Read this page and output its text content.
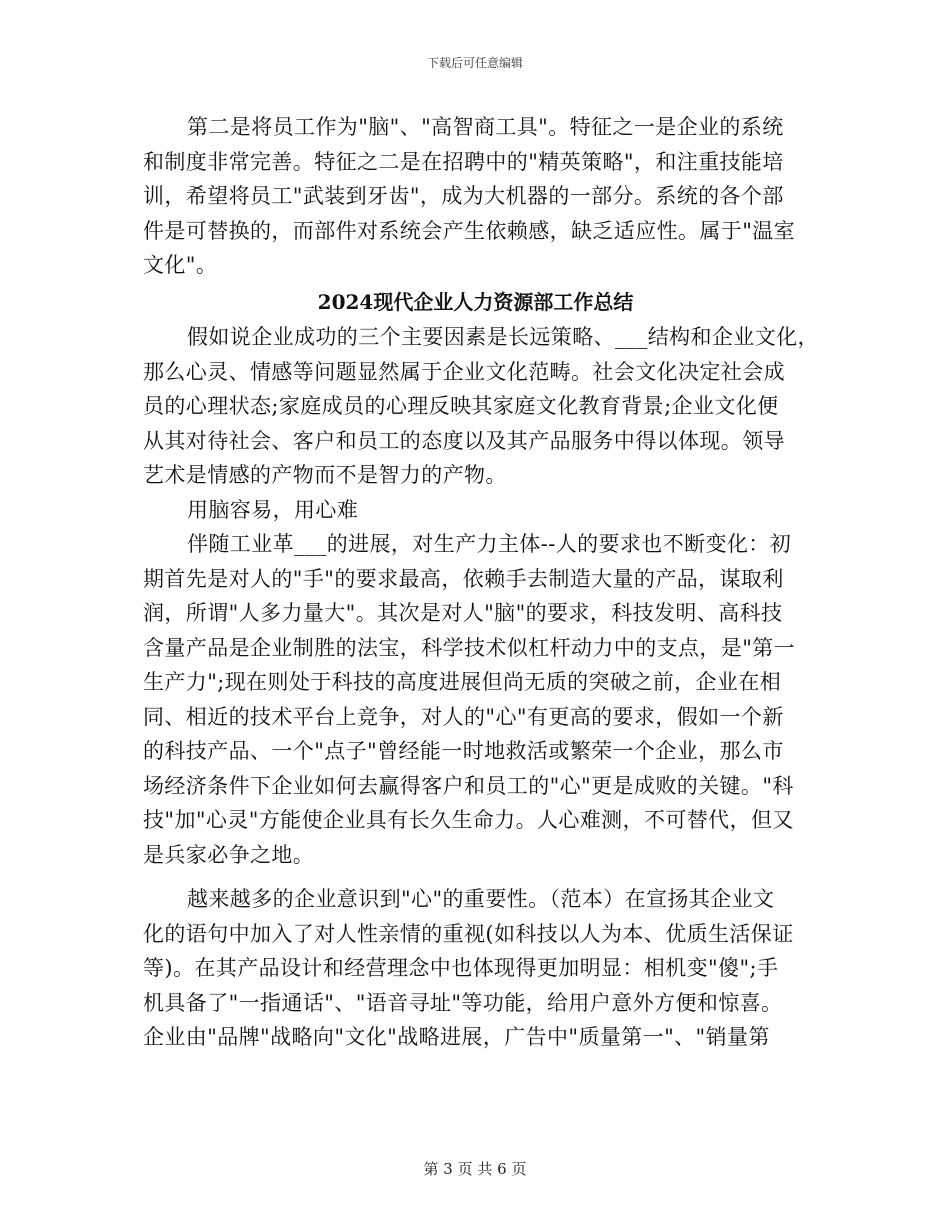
下载后可任意编辑
第二是将员工作为"脑"、"高智商工具"。特征之一是企业的系统
和制度非常完善。特征之二是在招聘中的"精英策略"，和注重技能培
训，希望将员工"武装到牙齿"，成为大机器的一部分。系统的各个部
件是可替换的，而部件对系统会产生依赖感，缺乏适应性。属于"温室
文化"。
2024现代企业人力资源部工作总结
假如说企业成功的三个主要因素是长远策略、___结构和企业文化，
那么心灵、情感等问题显然属于企业文化范畴。社会文化决定社会成
员的心理状态;家庭成员的心理反映其家庭文化教育背景;企业文化便
从其对待社会、客户和员工的态度以及其产品服务中得以体现。领导
艺术是情感的产物而不是智力的产物。
用脑容易，用心难
伴随工业革___的进展，对生产力主体--人的要求也不断变化：初
期首先是对人的"手"的要求最高，依赖手去制造大量的产品，谋取利
润，所谓"人多力量大"。其次是对人"脑"的要求，科技发明、高科技
含量产品是企业制胜的法宝，科学技术似杠杆动力中的支点，是"第一
生产力";现在则处于科技的高度进展但尚无质的突破之前，企业在相
同、相近的技术平台上竞争，对人的"心"有更高的要求，假如一个新
的科技产品、一个"点子"曾经能一时地救活或繁荣一个企业，那么市
场经济条件下企业如何去赢得客户和员工的"心"更是成败的关键。"科
技"加"心灵"方能使企业具有长久生命力。人心难测，不可替代，但又
是兵家必争之地。
越来越多的企业意识到"心"的重要性。（范本）在宣扬其企业文
化的语句中加入了对人性亲情的重视(如科技以人为本、优质生活保证
等)。在其产品设计和经营理念中也体现得更加明显：相机变"傻";手
机具备了"一指通话"、"语音寻址"等功能，给用户意外方便和惊喜。
企业由"品牌"战略向"文化"战略进展，广告中"质量第一"、"销量第
第 3 页 共 6 页
